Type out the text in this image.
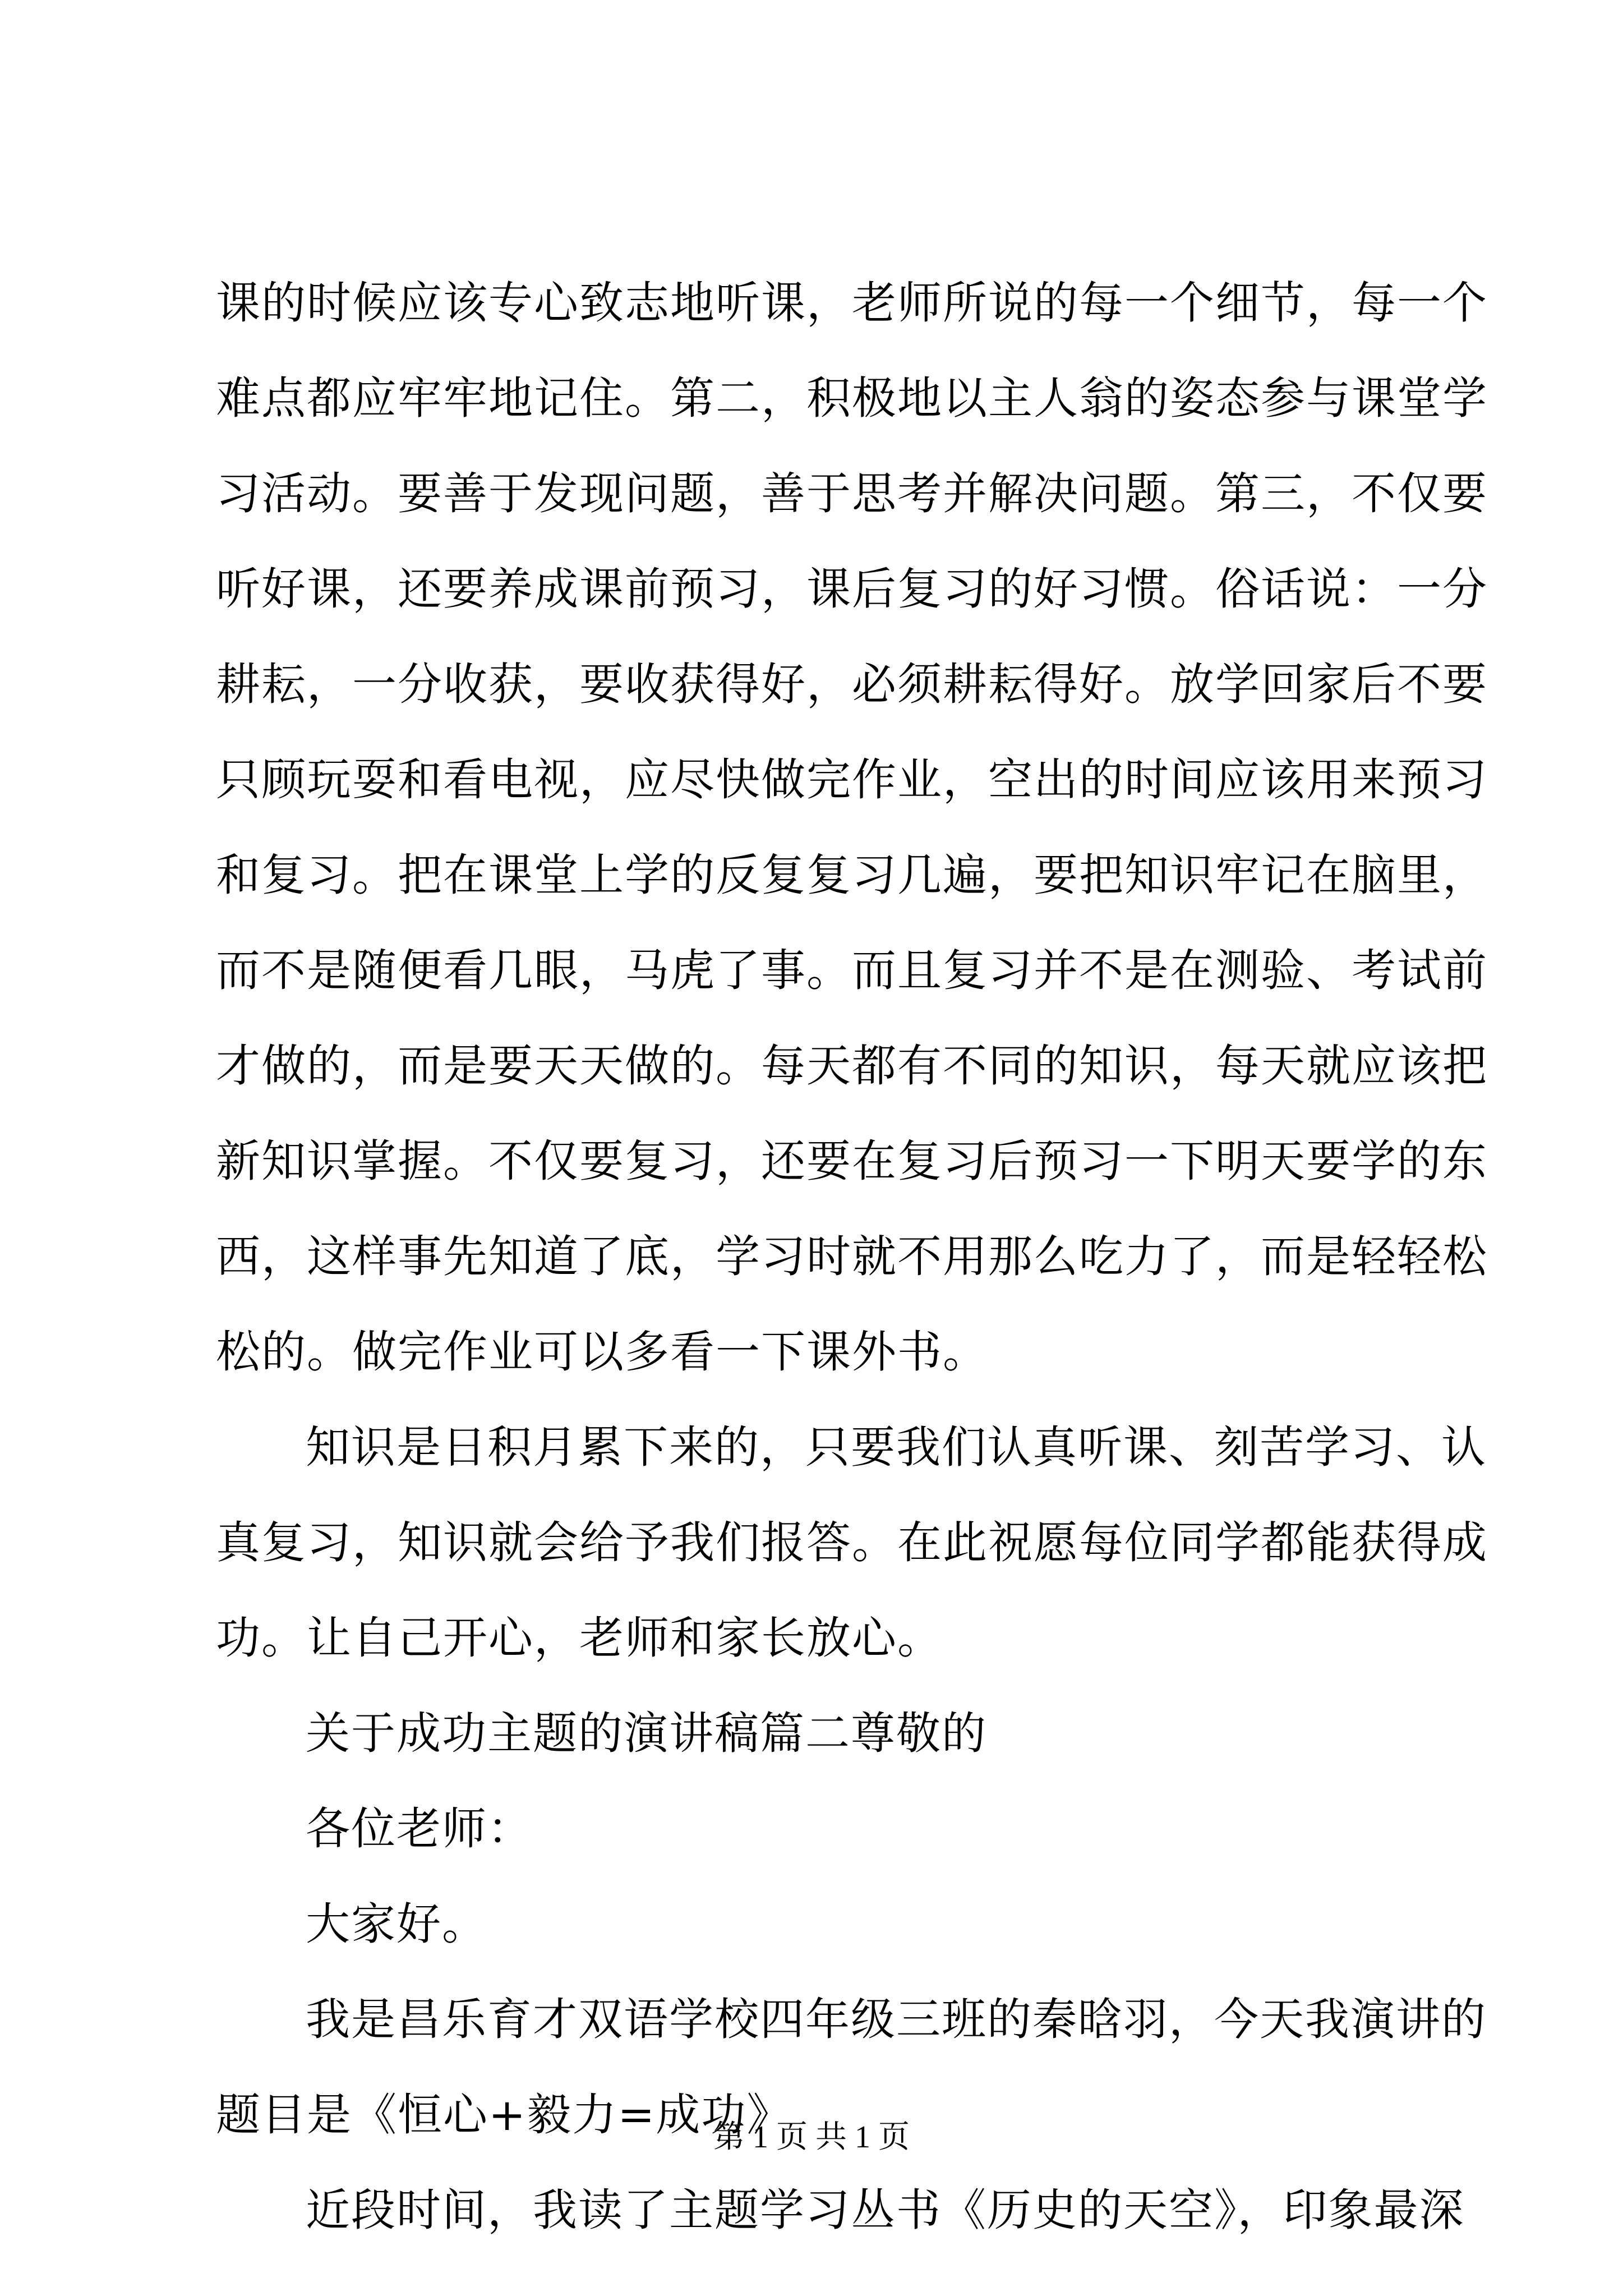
课的时候应该专心致志地听课，老师所说的每一个细节，每一个
难点都应牢牢地记住。第二，积极地以主人翁的姿态参与课堂学
习活动。要善于发现问题，善于思考并解决问题。第三，不仅要
听好课，还要养成课前预习，课后复习的好习惯。俗话说：一分
耕耘，一分收获，要收获得好，必须耕耘得好。放学回家后不要
只顾玩耍和看电视，应尽快做完作业，空出的时间应该用来预习
和复习。把在课堂上学的反复复习几遍，要把知识牢记在脑里，
而不是随便看几眼，马虎了事。而且复习并不是在测验、考试前
才做的，而是要天天做的。每天都有不同的知识，每天就应该把
新知识掌握。不仅要复习，还要在复习后预习一下明天要学的东
西，这样事先知道了底，学习时就不用那么吃力了，而是轻轻松
松的。做完作业可以多看一下课外书。
知识是日积月累下来的，只要我们认真听课、刻苦学习、认
真复习，知识就会给予我们报答。在此祝愿每位同学都能获得成
功。让自己开心，老师和家长放心。
关于成功主题的演讲稿篇二尊敬的
各位老师：
大家好。
我是昌乐育才双语学校四年级三班的秦晗羽，今天我演讲的
题目是《恒心+毅力=成功》
近段时间，我读了主题学习丛书《历史的天空》，印象最深
第 1 页 共 1 页
